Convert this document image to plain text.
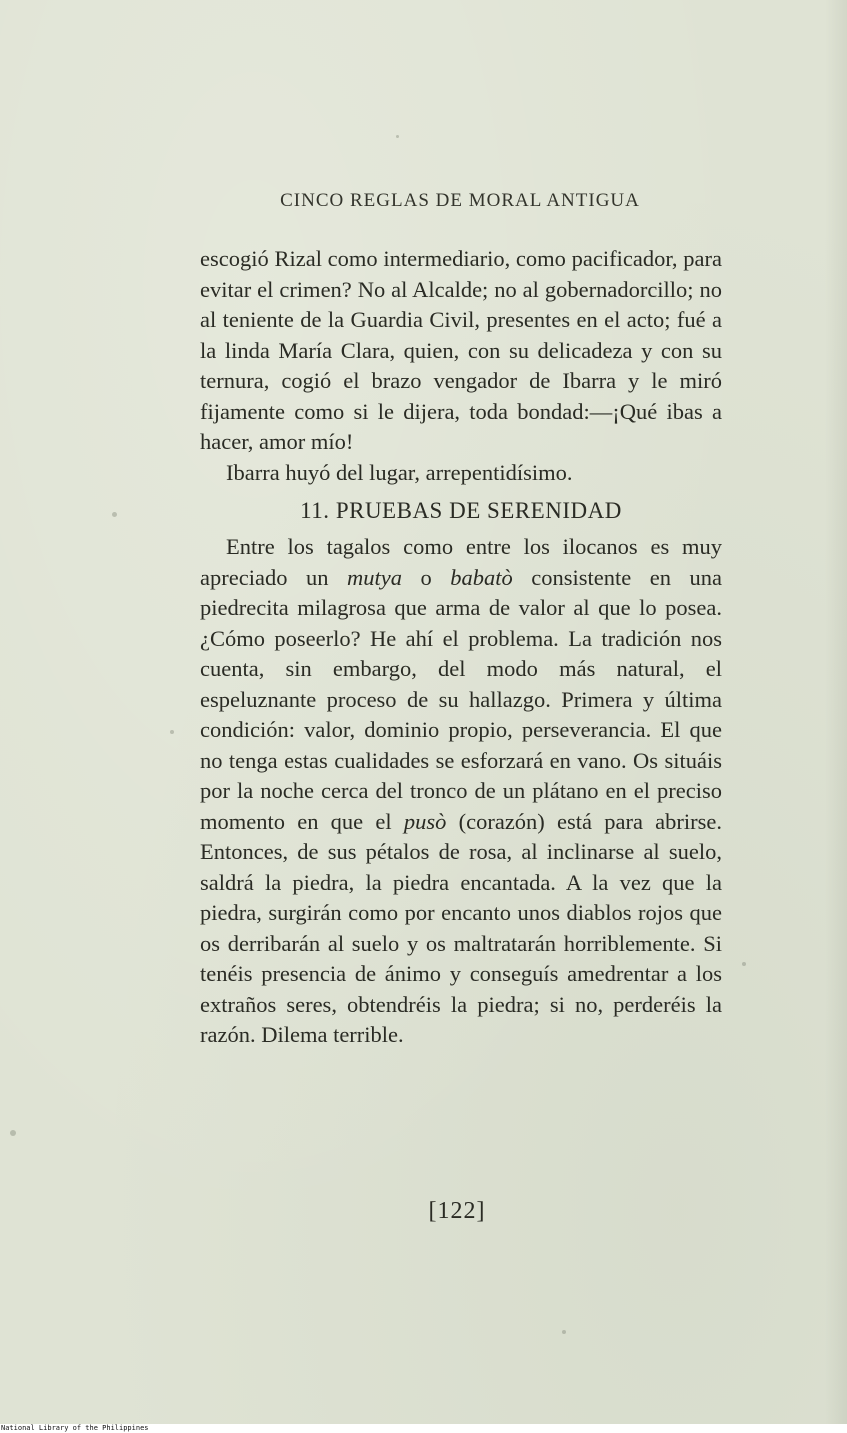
CINCO REGLAS DE MORAL ANTIGUA

escogió Rizal como intermediario, como pacificador, para evitar el crimen? No al Alcalde; no al gobernadorcillo; no al teniente de la Guardia Civil, presentes en el acto; fué a la linda María Clara, quien, con su delicadeza y con su ternura, cogió el brazo vengador de Ibarra y le miró fijamente como si le dijera, toda bondad:—¡Qué ibas a hacer, amor mío!

Ibarra huyó del lugar, arrepentidísimo.

11. PRUEBAS DE SERENIDAD

Entre los tagalos como entre los ilocanos es muy apreciado un mutya o babatò consistente en una piedrecita milagrosa que arma de valor al que lo posea. ¿Cómo poseerlo? He ahí el problema. La tradición nos cuenta, sin embargo, del modo más natural, el espeluznante proceso de su hallazgo. Primera y última condición: valor, dominio propio, perseverancia. El que no tenga estas cualidades se esforzará en vano. Os situáis por la noche cerca del tronco de un plátano en el preciso momento en que el pusò (corazón) está para abrirse. Entonces, de sus pétalos de rosa, al inclinarse al suelo, saldrá la piedra, la piedra encantada. A la vez que la piedra, surgirán como por encanto unos diablos rojos que os derribarán al suelo y os maltratarán horriblemente. Si tenéis presencia de ánimo y conseguís amedrentar a los extraños seres, obtendréis la piedra; si no, perderéis la razón. Dilema terrible.

[122]
National Library of the Philippines
